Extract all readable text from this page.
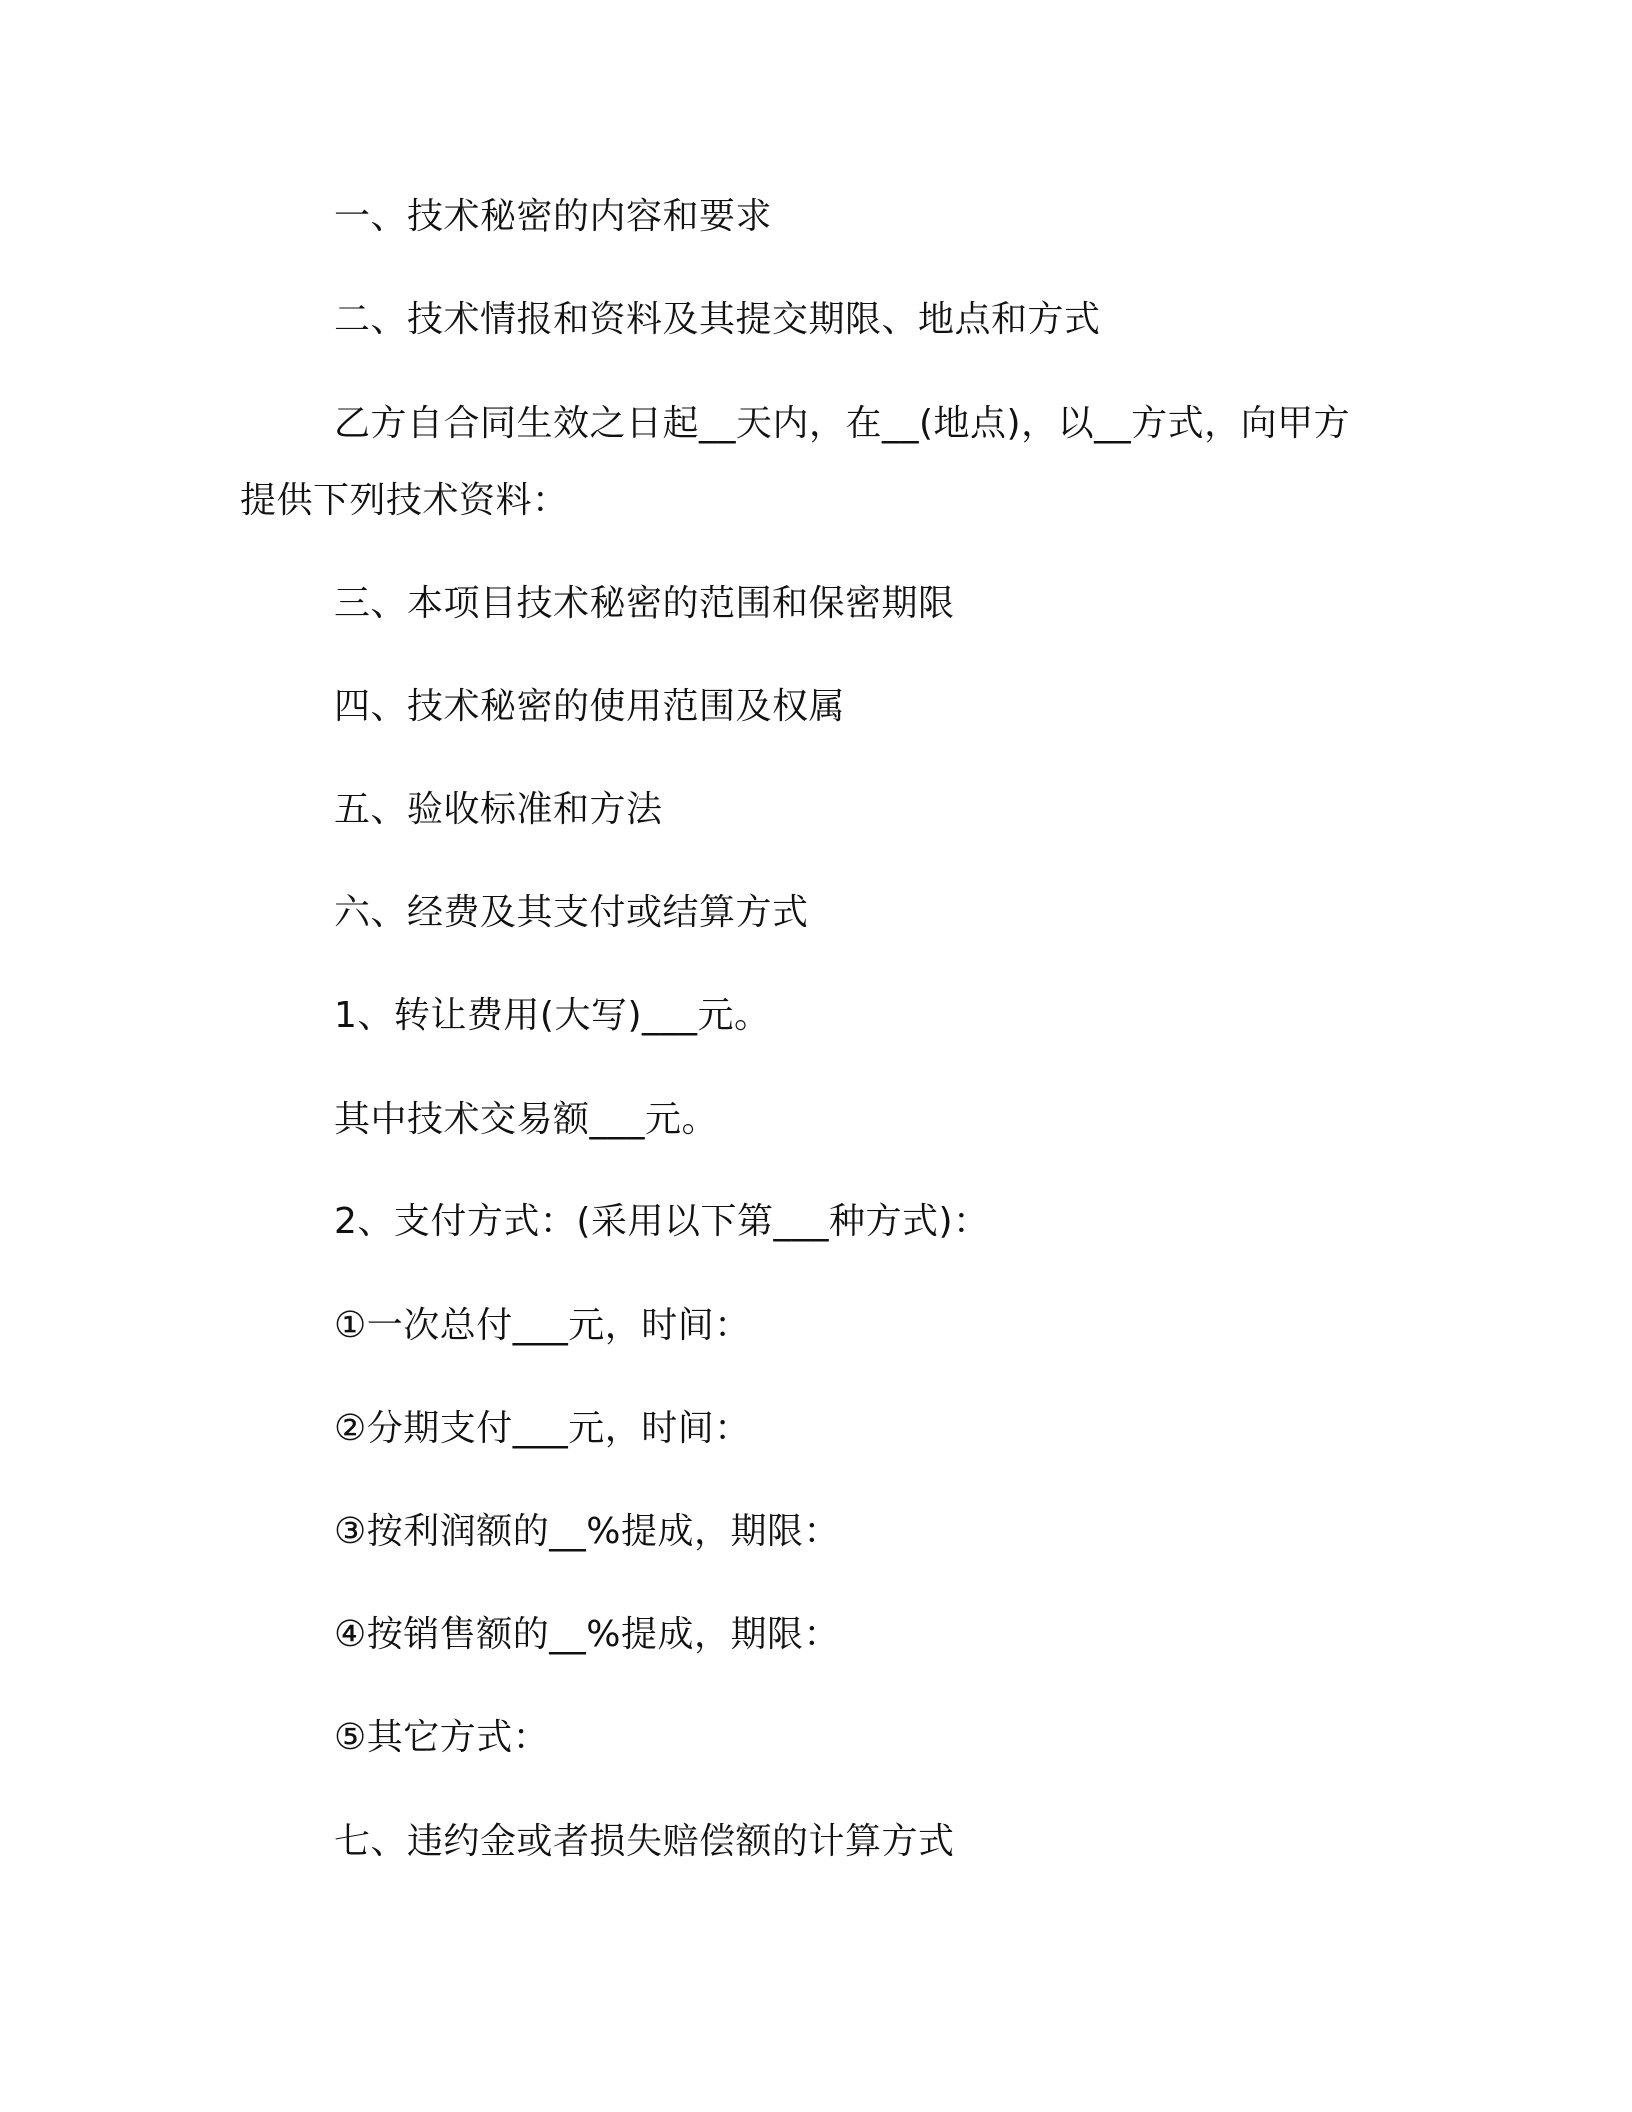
一、技术秘密的内容和要求

二、技术情报和资料及其提交期限、地点和方式

乙方自合同生效之日起__天内，在__(地点)，以__方式，向甲方

提供下列技术资料：

三、本项目技术秘密的范围和保密期限

四、技术秘密的使用范围及权属

五、验收标准和方法

六、经费及其支付或结算方式

1、转让费用(大写)___元。

其中技术交易额___元。

2、支付方式：(采用以下第___种方式)：

①一次总付___元，时间：

②分期支付___元，时间：

③按利润额的__%提成，期限：

④按销售额的__%提成，期限：

⑤其它方式：

七、违约金或者损失赔偿额的计算方式
